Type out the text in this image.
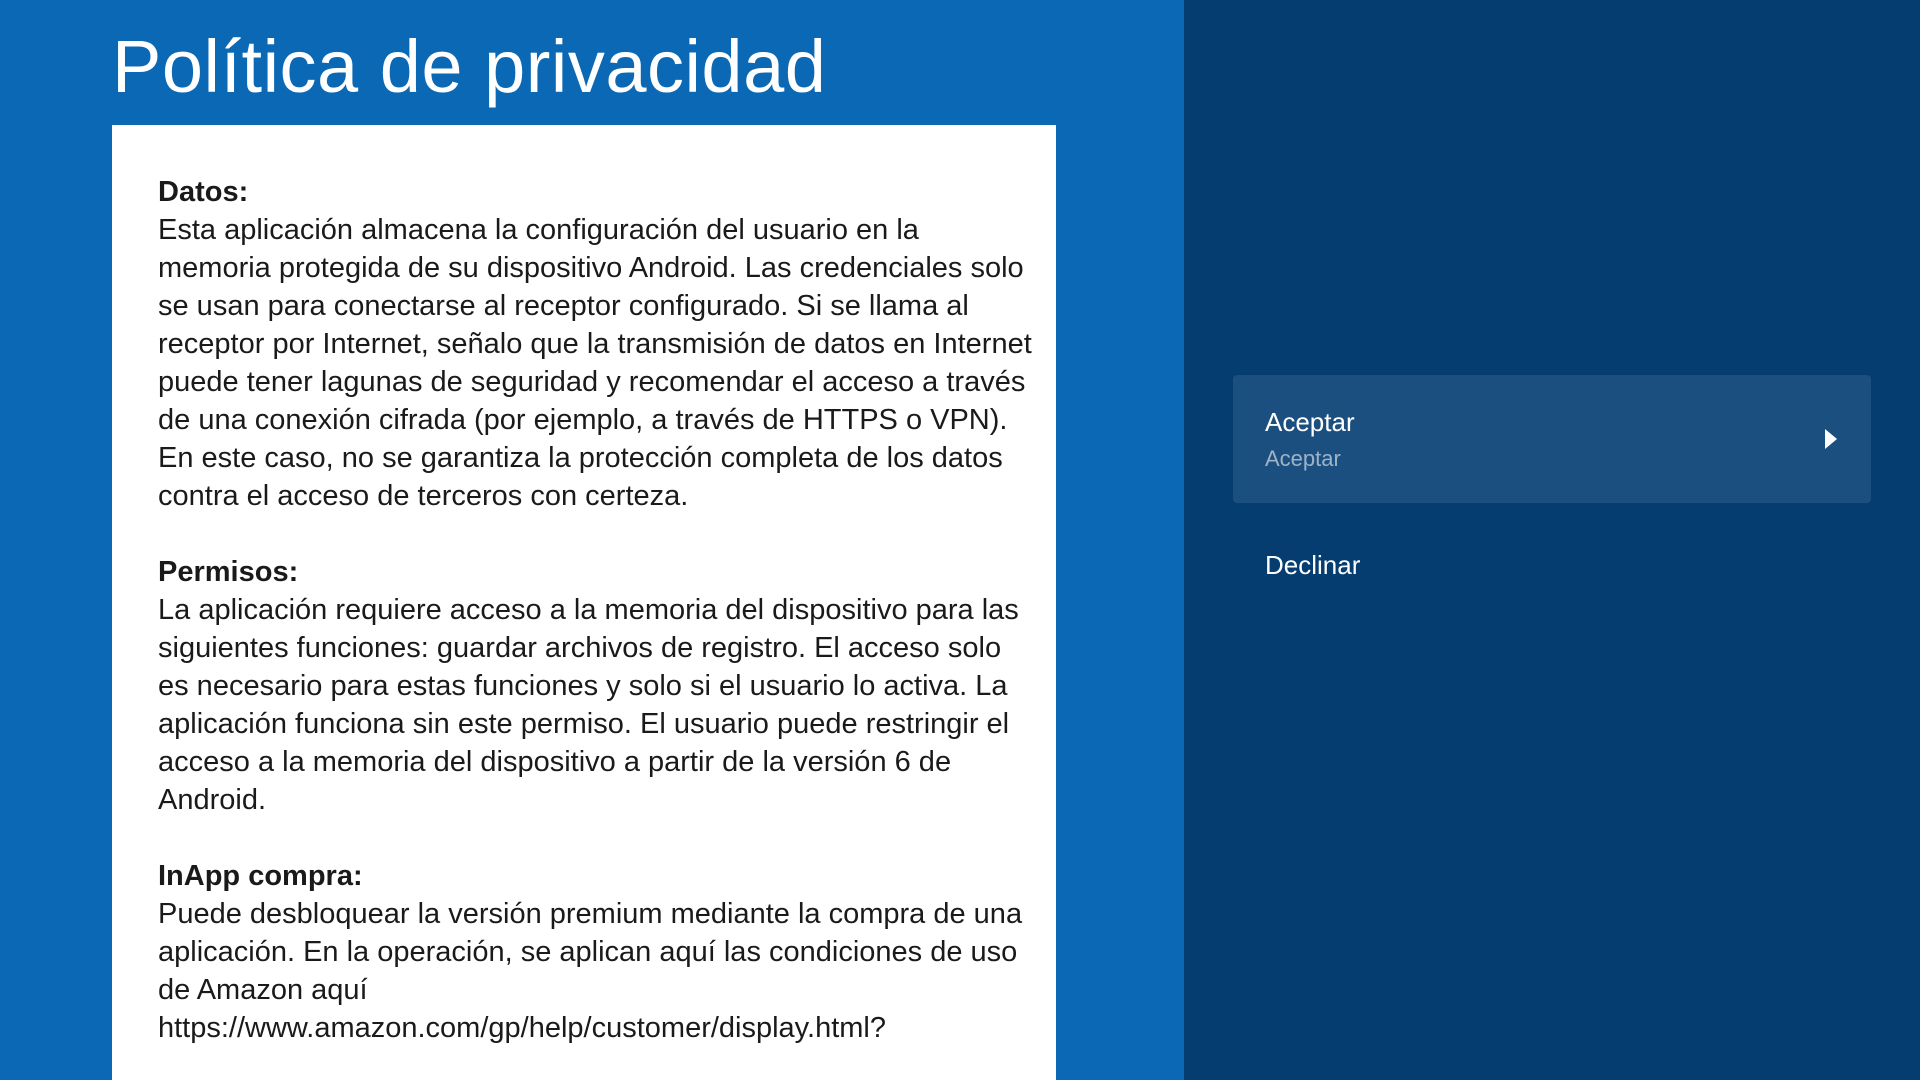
Política de privacidad
Datos:
Esta aplicación almacena la configuración del usuario en la memoria protegida de su dispositivo Android. Las credenciales solo se usan para conectarse al receptor configurado. Si se llama al receptor por Internet, señalo que la transmisión de datos en Internet puede tener lagunas de seguridad y recomendar el acceso a través de una conexión cifrada (por ejemplo, a través de HTTPS o VPN). En este caso, no se garantiza la protección completa de los datos contra el acceso de terceros con certeza.
Permisos:
La aplicación requiere acceso a la memoria del dispositivo para las siguientes funciones: guardar archivos de registro. El acceso solo es necesario para estas funciones y solo si el usuario lo activa. La aplicación funciona sin este permiso. El usuario puede restringir el acceso a la memoria del dispositivo a partir de la versión 6 de Android.
InApp compra:
Puede desbloquear la versión premium mediante la compra de una aplicación. En la operación, se aplican aquí las condiciones de uso de Amazon aquí https://www.amazon.com/gp/help/customer/display.html?
Aceptar
Aceptar
Declinar
